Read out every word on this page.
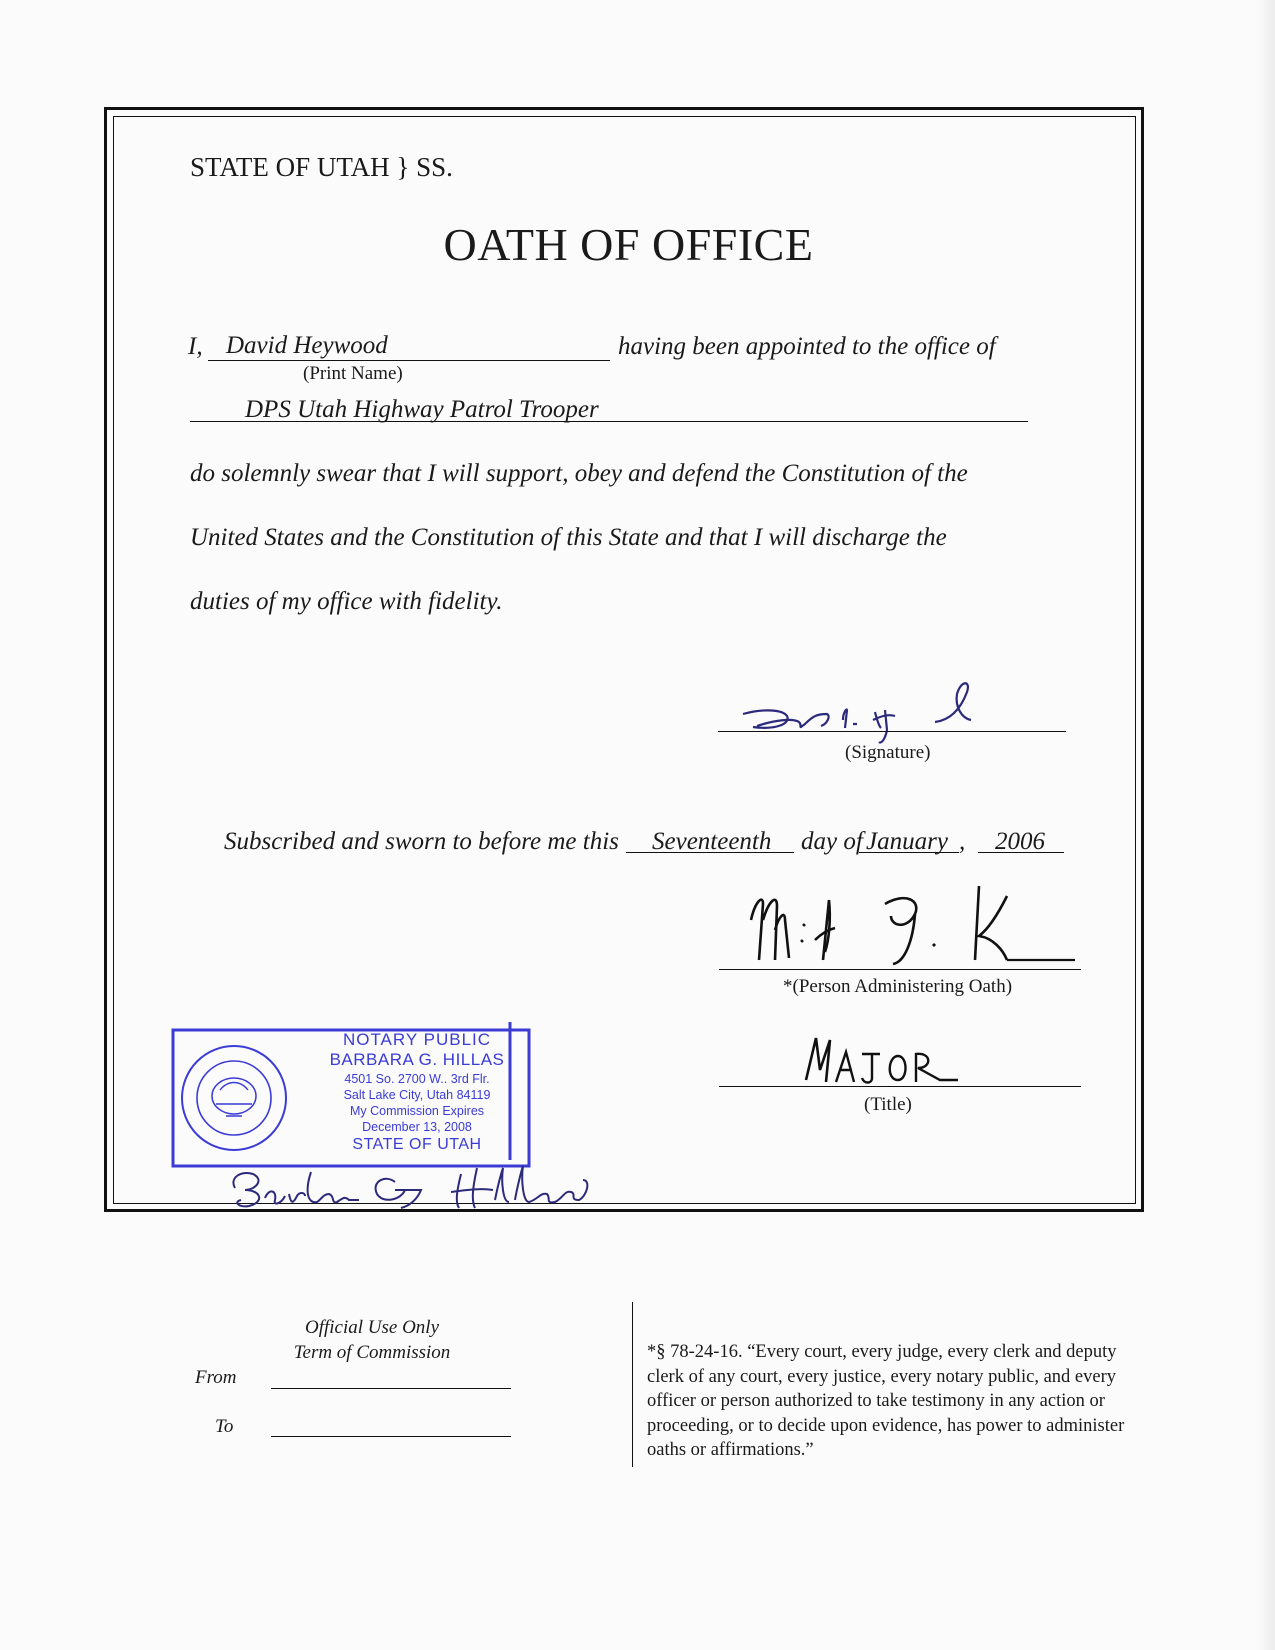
STATE OF UTAH } SS.
OATH OF OFFICE
I, David Heywood	having been appointed to the office of
(Print Name)
DPS Utah Highway Patrol Trooper
do solemnly swear that I will support, obey and defend the Constitution of the
United States and the Constitution of this State and that I will discharge the
duties of my office with fidelity.
(Signature)
Subscribed and sworn to before me this Seventeenth day of January , 2006
*(Person Administering Oath)
(Title)
NOTARY PUBLIC
BARBARA G. HILLAS
4501 So. 2700 W.. 3rd Flr.
Salt Lake City, Utah 84119
My Commission Expires
December 13, 2008
STATE OF UTAH
Official Use Only
Term of Commission
From
To
*§ 78-24-16. “Every court, every judge, every clerk and deputy clerk of any court, every justice, every notary public, and every officer or person authorized to take testimony in any action or proceeding, or to decide upon evidence, has power to administer oaths or affirmations.”
